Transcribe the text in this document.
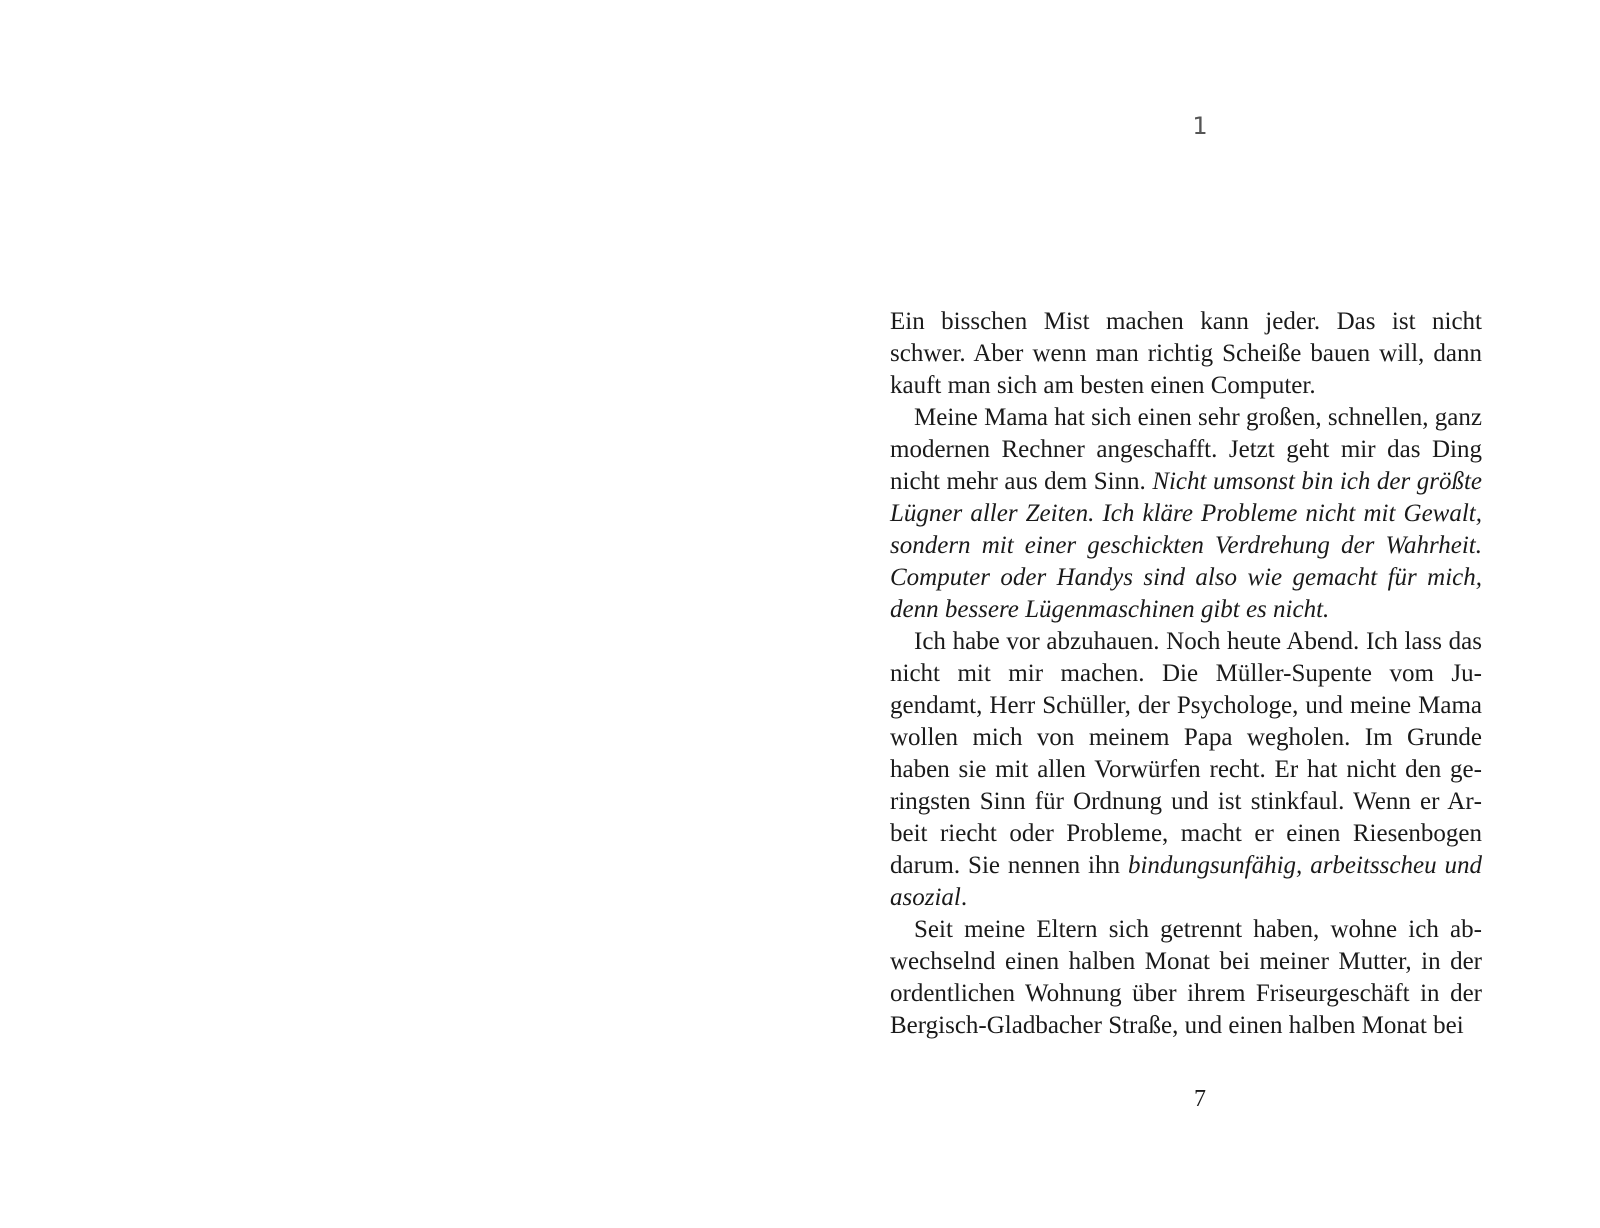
1

Ein bisschen Mist machen kann jeder. Das ist nicht schwer. Aber wenn man richtig Scheiße bauen will, dann kauft man sich am besten einen Computer.

Meine Mama hat sich einen sehr großen, schnellen, ganz modernen Rechner angeschafft. Jetzt geht mir das Ding nicht mehr aus dem Sinn. Nicht umsonst bin ich der größte Lügner aller Zeiten. Ich kläre Probleme nicht mit Gewalt, sondern mit einer geschickten Verdrehung der Wahrheit. Computer oder Handys sind also wie gemacht für mich, denn bessere Lügenmaschinen gibt es nicht.

Ich habe vor abzuhauen. Noch heute Abend. Ich lass das nicht mit mir machen. Die Müller-Supente vom Jugendamt, Herr Schüller, der Psychologe, und meine Mama wollen mich von meinem Papa wegholen. Im Grunde haben sie mit allen Vorwürfen recht. Er hat nicht den geringsten Sinn für Ordnung und ist stinkfaul. Wenn er Arbeit riecht oder Probleme, macht er einen Riesenbogen darum. Sie nennen ihn bindungsunfähig, arbeitsscheu und asozial.

Seit meine Eltern sich getrennt haben, wohne ich abwechselnd einen halben Monat bei meiner Mutter, in der ordentlichen Wohnung über ihrem Friseurgeschäft in der Bergisch-Gladbacher Straße, und einen halben Monat bei

7
